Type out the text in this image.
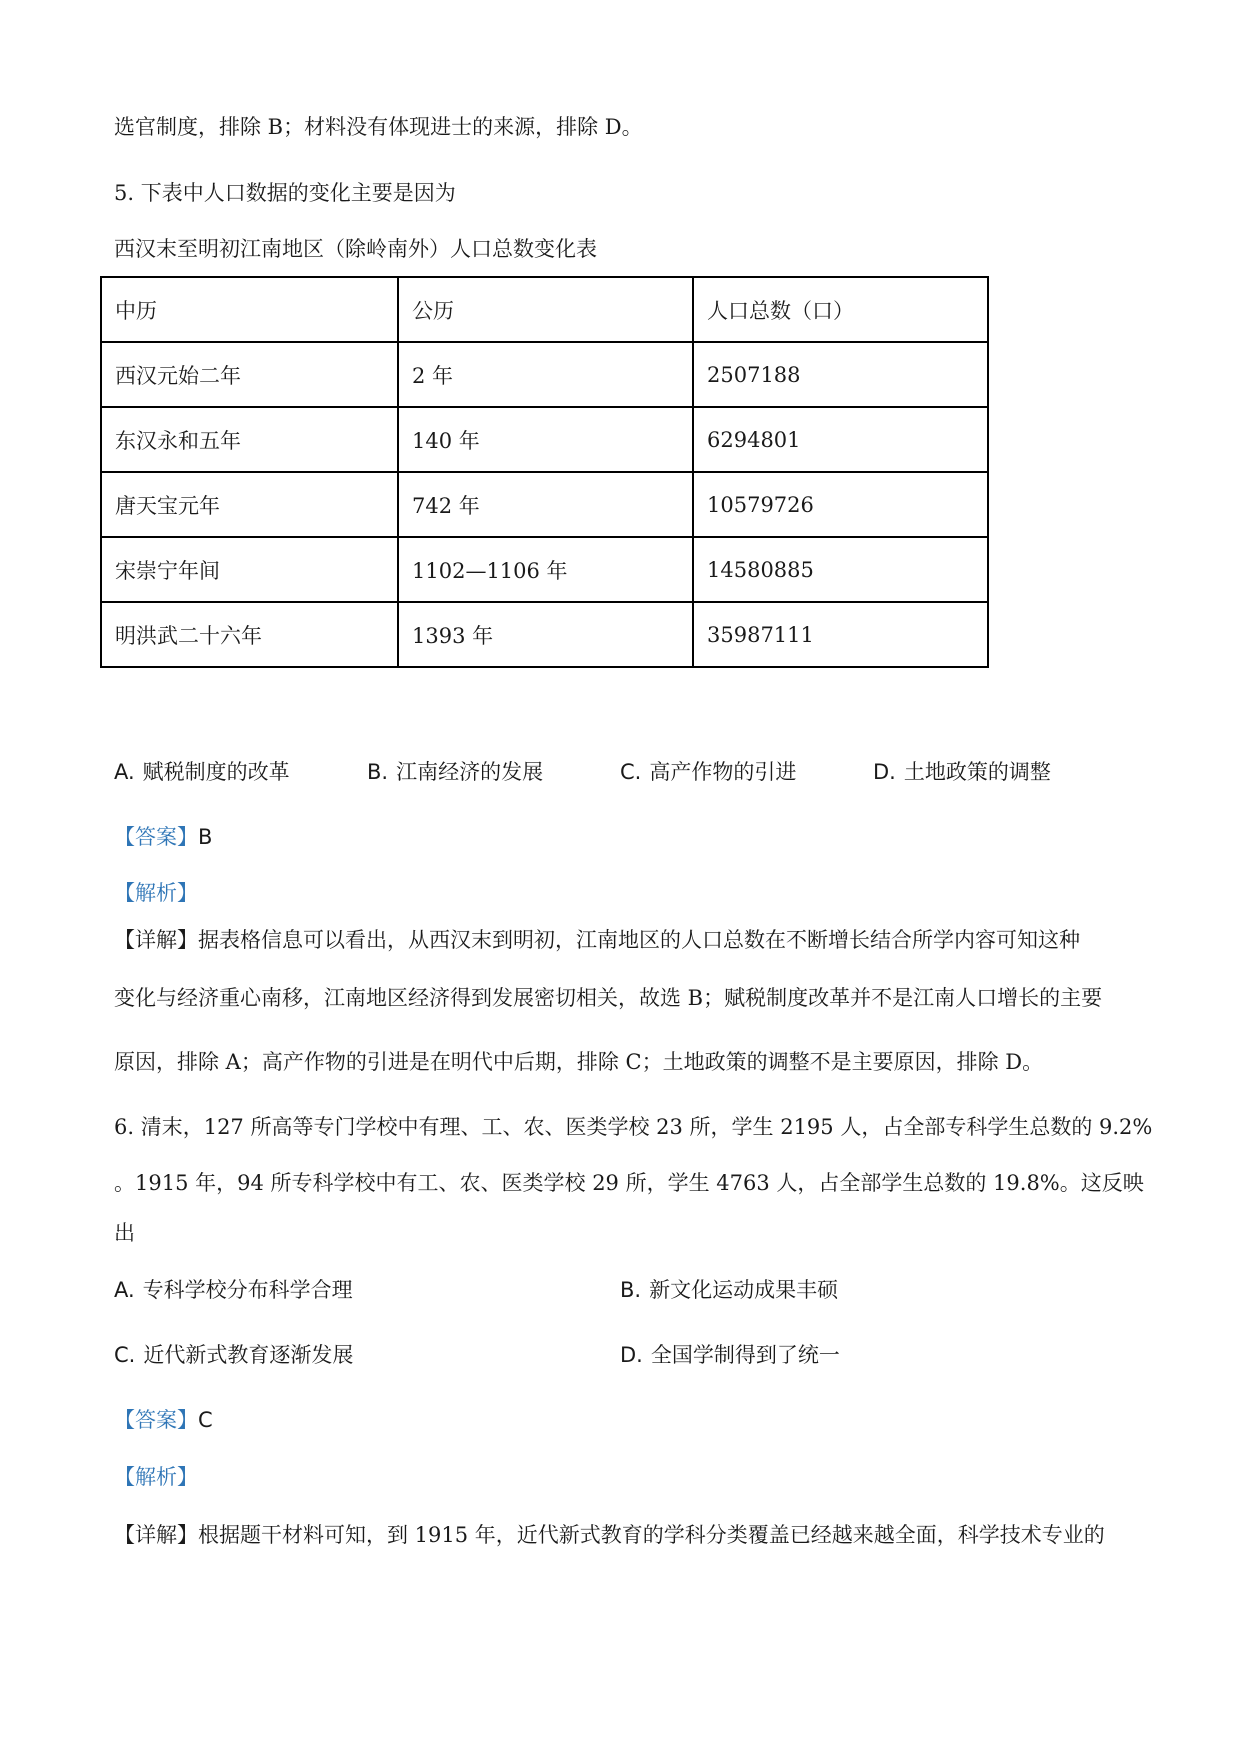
选官制度，排除 B；材料没有体现进士的来源，排除 D。
5. 下表中人口数据的变化主要是因为
西汉末至明初江南地区（除岭南外）人口总数变化表
中历	公历	人口总数（口）
西汉元始二年	2 年	2507188
东汉永和五年	140 年	6294801
唐天宝元年	742 年	10579726
宋崇宁年间	1102—1106 年	14580885
明洪武二十六年	1393 年	35987111
A. 赋税制度的改革	B. 江南经济的发展	C. 高产作物的引进	D. 土地政策的调整
【答案】B
【解析】
【详解】据表格信息可以看出，从西汉末到明初，江南地区的人口总数在不断增长结合所学内容可知这种
变化与经济重心南移，江南地区经济得到发展密切相关，故选 B；赋税制度改革并不是江南人口增长的主要
原因，排除 A；高产作物的引进是在明代中后期，排除 C；土地政策的调整不是主要原因，排除 D。
6. 清末，127 所高等专门学校中有理、工、农、医类学校 23 所，学生 2195 人，占全部专科学生总数的 9.2%
。1915 年，94 所专科学校中有工、农、医类学校 29 所，学生 4763 人，占全部学生总数的 19.8%。这反映
出
A. 专科学校分布科学合理	B. 新文化运动成果丰硕
C. 近代新式教育逐渐发展	D. 全国学制得到了统一
【答案】C
【解析】
【详解】根据题干材料可知，到 1915 年，近代新式教育的学科分类覆盖已经越来越全面，科学技术专业的
